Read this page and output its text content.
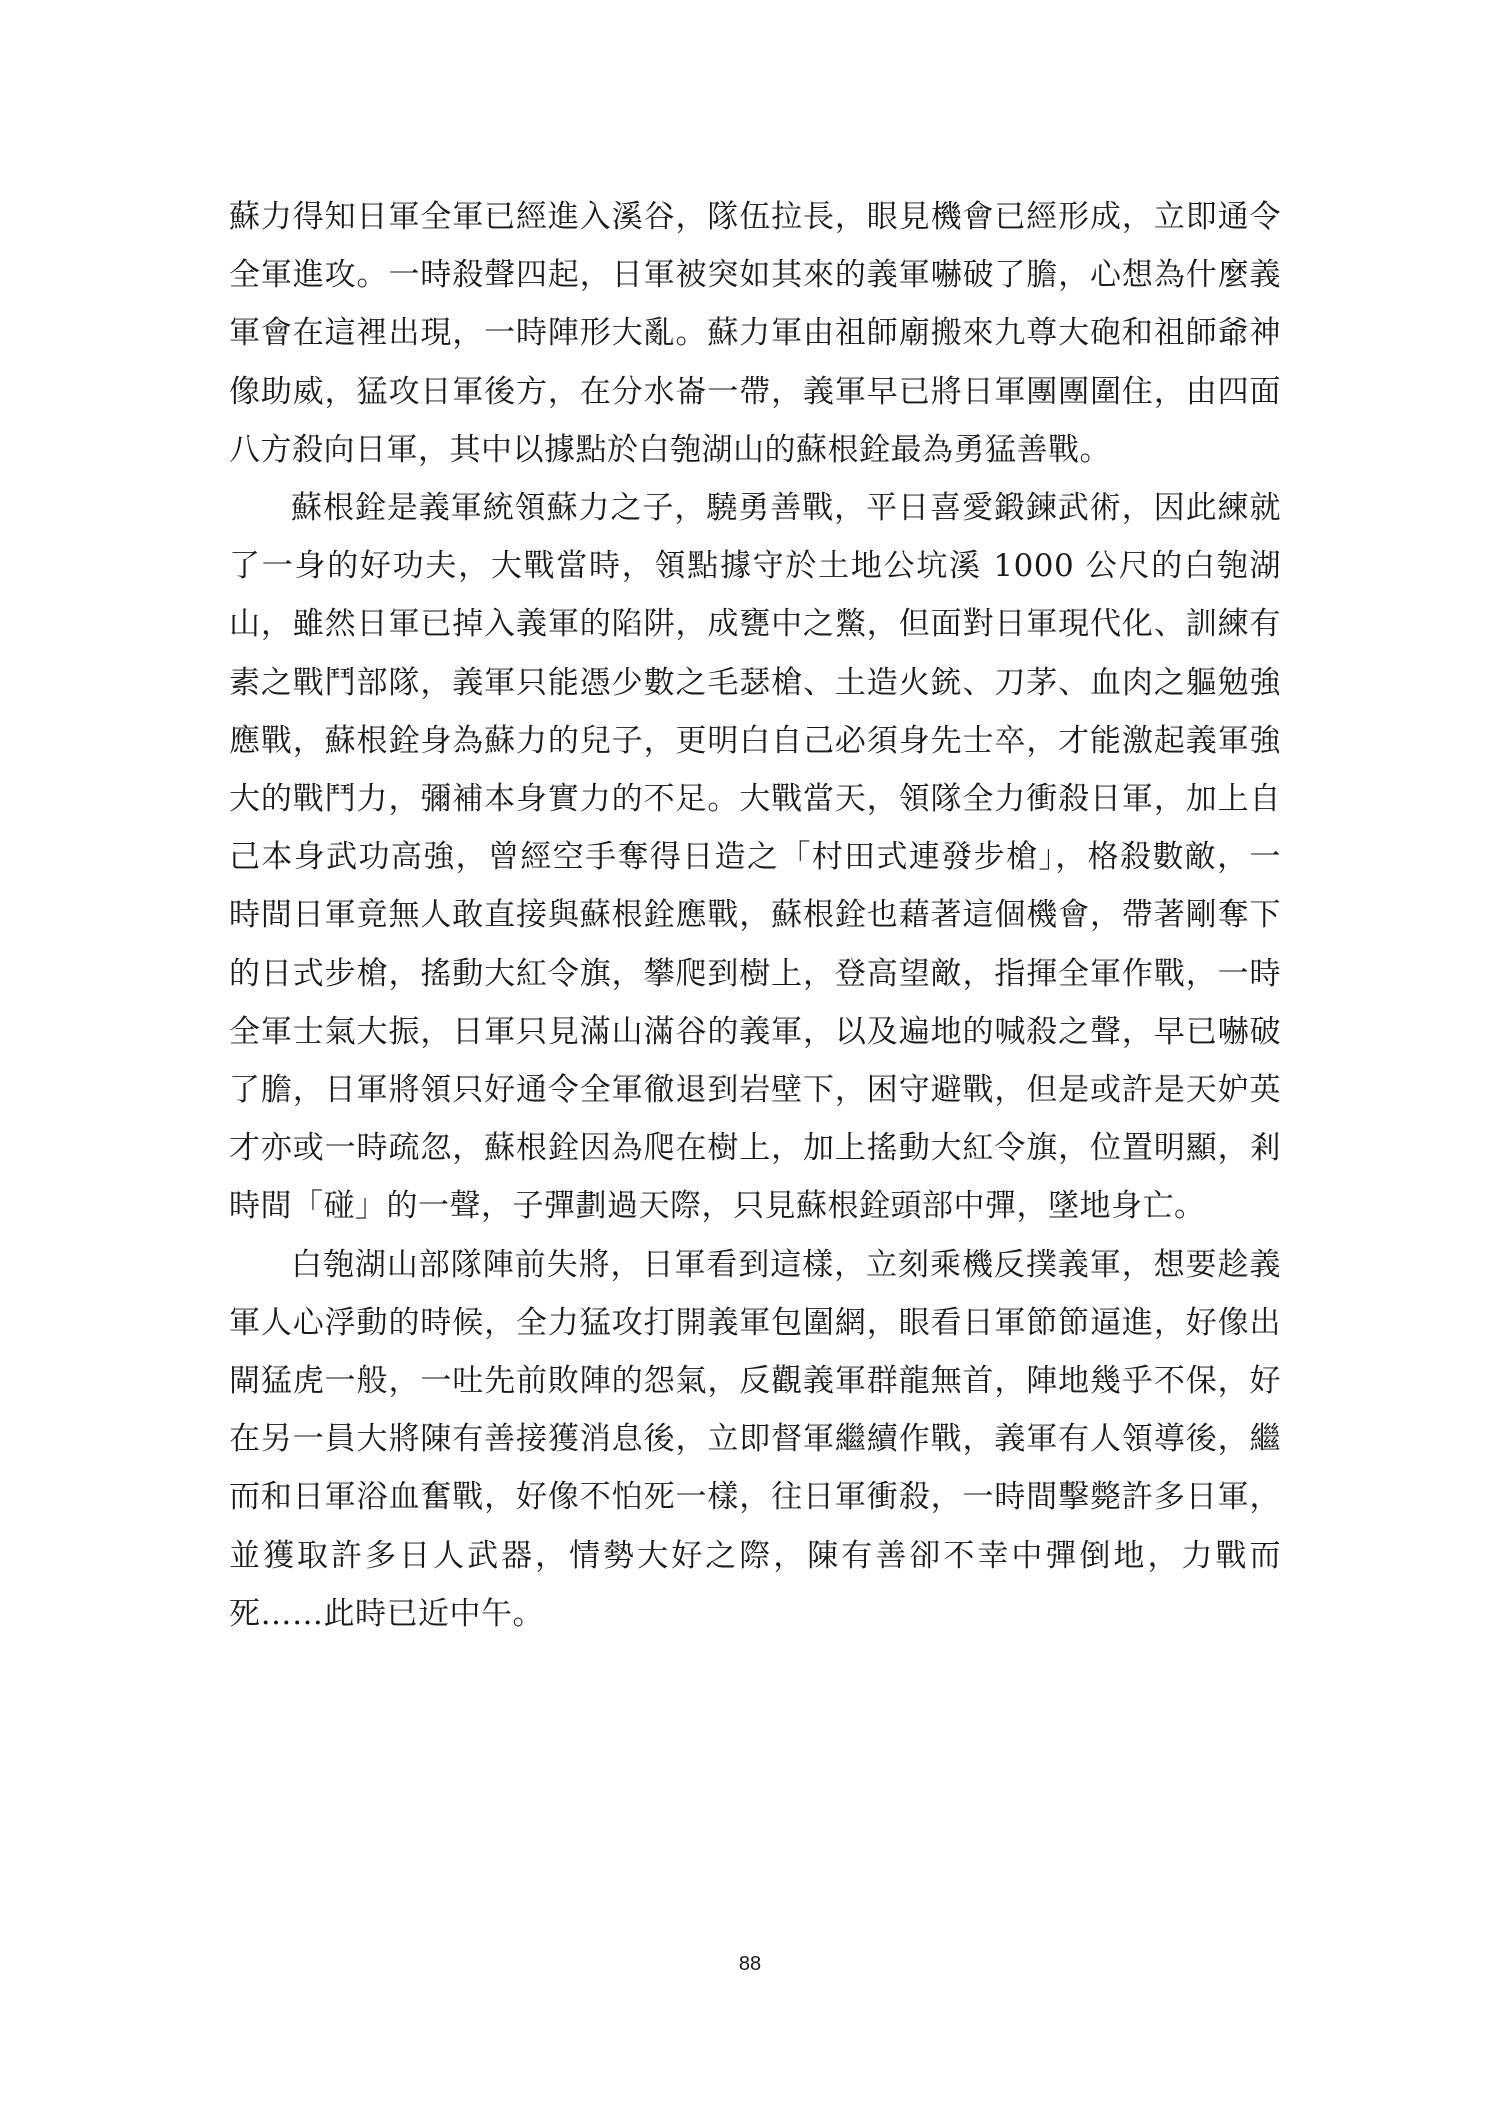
蘇力得知日軍全軍已經進入溪谷，隊伍拉長，眼見機會已經形成，立即通令全軍進攻。一時殺聲四起，日軍被突如其來的義軍嚇破了膽，心想為什麼義軍會在這裡出現，一時陣形大亂。蘇力軍由祖師廟搬來九尊大砲和祖師爺神像助威，猛攻日軍後方，在分水崙一帶，義軍早已將日軍團團圍住，由四面八方殺向日軍，其中以據點於白匏湖山的蘇根銓最為勇猛善戰。

蘇根銓是義軍統領蘇力之子，驍勇善戰，平日喜愛鍛鍊武術，因此練就了一身的好功夫，大戰當時，領點據守於土地公坑溪 1000 公尺的白匏湖山，雖然日軍已掉入義軍的陷阱，成甕中之鱉，但面對日軍現代化、訓練有素之戰鬥部隊，義軍只能憑少數之毛瑟槍、土造火銃、刀茅、血肉之軀勉強應戰，蘇根銓身為蘇力的兒子，更明白自己必須身先士卒，才能激起義軍強大的戰鬥力，彌補本身實力的不足。大戰當天，領隊全力衝殺日軍，加上自己本身武功高強，曾經空手奪得日造之「村田式連發步槍」，格殺數敵，一時間日軍竟無人敢直接與蘇根銓應戰，蘇根銓也藉著這個機會，帶著剛奪下的日式步槍，搖動大紅令旗，攀爬到樹上，登高望敵，指揮全軍作戰，一時全軍士氣大振，日軍只見滿山滿谷的義軍，以及遍地的喊殺之聲，早已嚇破了膽，日軍將領只好通令全軍徹退到岩壁下，困守避戰，但是或許是天妒英才亦或一時疏忽，蘇根銓因為爬在樹上，加上搖動大紅令旗，位置明顯，剎時間「碰」的一聲，子彈劃過天際，只見蘇根銓頭部中彈，墜地身亡。

白匏湖山部隊陣前失將，日軍看到這樣，立刻乘機反撲義軍，想要趁義軍人心浮動的時候，全力猛攻打開義軍包圍網，眼看日軍節節逼進，好像出閘猛虎一般，一吐先前敗陣的怨氣，反觀義軍群龍無首，陣地幾乎不保，好在另一員大將陳有善接獲消息後，立即督軍繼續作戰，義軍有人領導後，繼而和日軍浴血奮戰，好像不怕死一樣，往日軍衝殺，一時間擊斃許多日軍，並獲取許多日人武器，情勢大好之際，陳有善卻不幸中彈倒地，力戰而死……此時已近中午。

88
